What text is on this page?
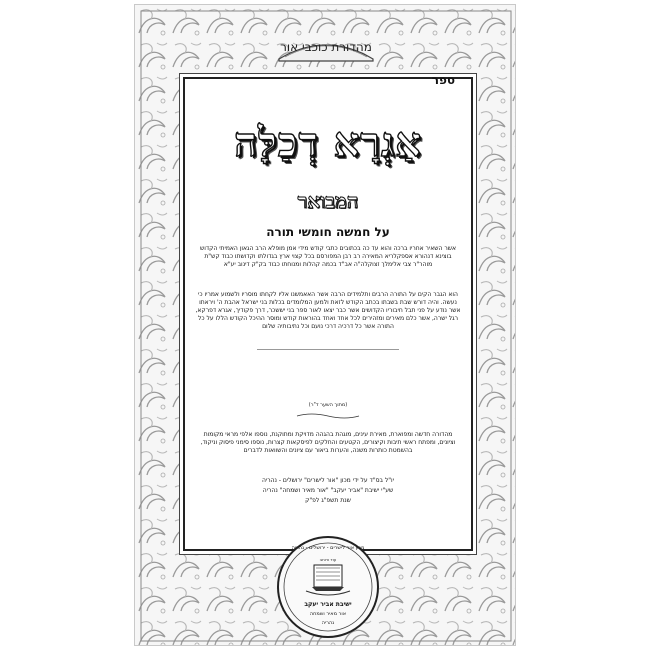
מהדורת כוכבי אור
ספר
אַגְרָא דְכַלָּה
המבואר
על חמשה חומשי תורה
אשר השאיר אחריו ברכה והוא עד כה בכתובים כתבי קודש מידי אמן מופלא הרב הגאון האמיתי הקדוש בוצינא דנהורא אספקלריא המאירה רב רבן המפורסם בכל קצוי ארץ בגדולתו וקדושתו כבוד קש"ת מוהר"ר צבי אלימלך זצוקלה"ה אב"ד בכמה קהלות ומנוחתו כבוד בק"ק דינוב יע"א
הוא הגבר הקים על התורה הרבים ותלמידים הרבה אשר האאמשנו אליו לקחתו מוסריו ולשמוע אמריו כי נעשה. והיה דורש שבת בשבתו בכתב הקודש לזאת ולמען המלומדים בכלות בני ישראל אהבת ה' ויראתו אשר נודע על פני תבל חיבוריו הקדושים אשר כבר יצאו לאור ספר בני יששכר, דרך פקודיך, אגרא דפרקא, רגל ישרה, אשר כלם מאירים ומזהירים לכל אחד ואחד בהוראות קודש ומוסר ההיכל הקודש הללו על כל התורה אשר כל דרכיה דרכי נועם וכל נתיבותיה שלום
(מתוך השער ד"ר)
מהדורה חדשה ומפוארת, מאירת עינים, מוגהת בהגהה מדויקת ומתוקנת, נוספו אלפי מראי מקומות וציונים, ומפתח ראשי תיבות וקיצורים, הקטעים והחלקים לפיסקאות קצרות, נוספו סימני פיסוק וניקוד, בהשמטת כותרות משנה, והערות ביאור עם ציונים והשוואות לדברים
יו"ל בס"ד על ידי מכון "אור לישרים" ירושלים - נהריה
שע"י ישיבת "אביר יעקב" "אור מאיר ושמחה" נהריה
שנת תשפ"ג לפ"ק
מכון אור לישרים - ירושלים - נהריה
עוד ורוחב
ישיבת אביר יעקב
אור מאיר ושמחה
נהריה
